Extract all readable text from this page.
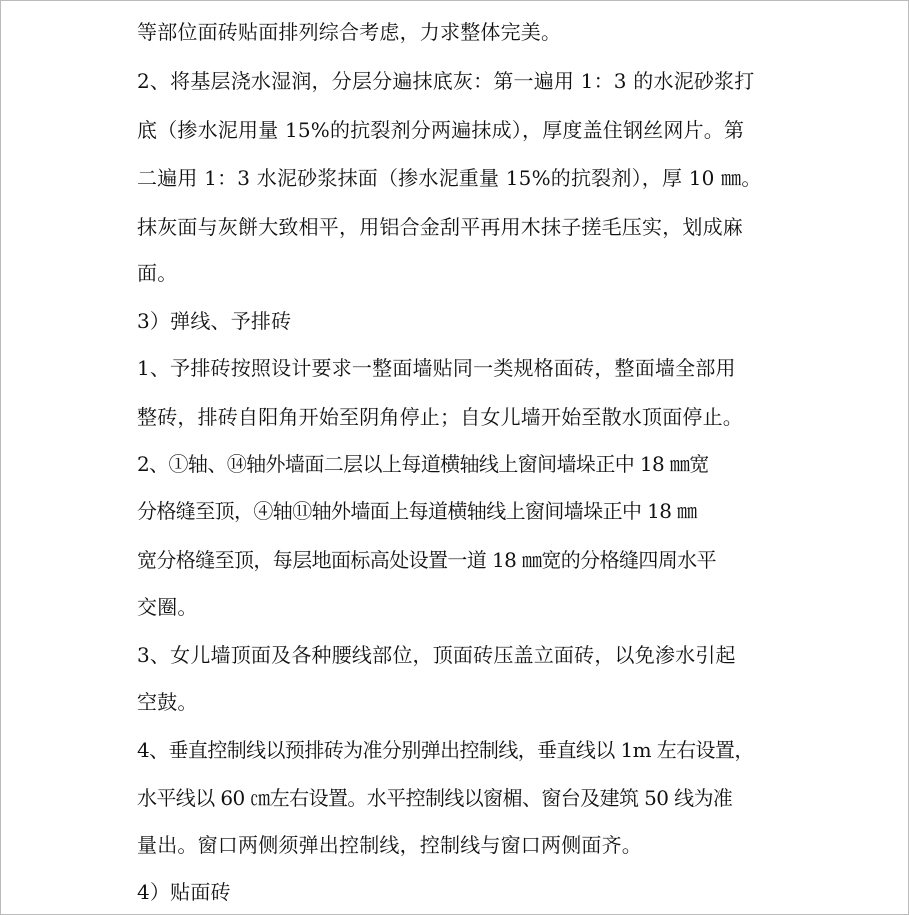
等部位面砖贴面排列综合考虑，力求整体完美。
2、将基层浇水湿润，分层分遍抹底灰：第一遍用 1：3 的水泥砂浆打
底（掺水泥用量 15%的抗裂剂分两遍抹成），厚度盖住钢丝网片。第
二遍用 1：3 水泥砂浆抹面（掺水泥重量 15%的抗裂剂），厚 10 ㎜。
抹灰面与灰餅大致相平，用铝合金刮平再用木抹子搓毛压实，划成麻
面。
3）弹线、予排砖
1、予排砖按照设计要求一整面墙贴同一类规格面砖，整面墙全部用
整砖，排砖自阳角开始至阴角停止；自女儿墙开始至散水顶面停止。
2、①轴、⑭轴外墙面二层以上每道横轴线上窗间墙垛正中 18 ㎜宽
分格缝至顶，④轴⑪轴外墙面上每道横轴线上窗间墙垛正中 18 ㎜
宽分格缝至顶，每层地面标高处设置一道 18 ㎜宽的分格缝四周水平
交圈。
3、女儿墙顶面及各种腰线部位，顶面砖压盖立面砖，以免渗水引起
空鼓。
4、垂直控制线以预排砖为准分别弹出控制线，垂直线以 1m 左右设置，
水平线以 60 ㎝左右设置。水平控制线以窗楣、窗台及建筑 50 线为准
量出。窗口两侧须弹出控制线，控制线与窗口两侧面齐。
4）贴面砖
